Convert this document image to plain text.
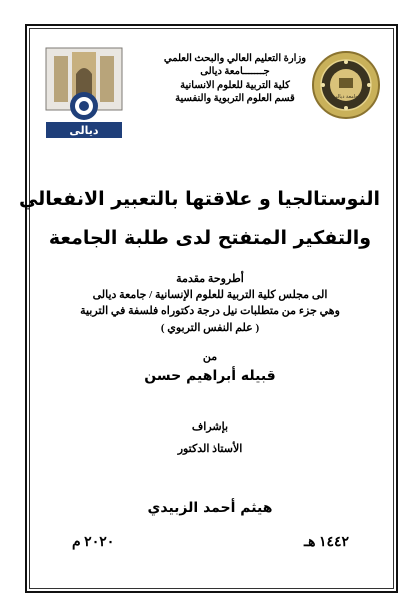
ديالى
وزارة التعليم العالي والبحث العلمي
جـــــــامعة ديالى
كلية التربية للعلوم الانسانية
قسم العلوم التربوية والنفسية	جامعة ديالى
النوستالجيا و علاقتها بالتعبير الانفعالي
والتفكير المتفتح لدى طلبة الجامعة
أطروحة مقدمة
الى مجلس كلية التربية للعلوم الإنسانية / جامعة ديالى
وهي جزء من متطلبات نيل درجة دكتوراه فلسفة في التربية
( علم النفس التربوي )
من
قبيله أبراهيم حسن
بإشراف
الأستاذ الدكتور
هيثم أحمد الزبيدي
١٤٤٢ هـ
٢٠٢٠ م
